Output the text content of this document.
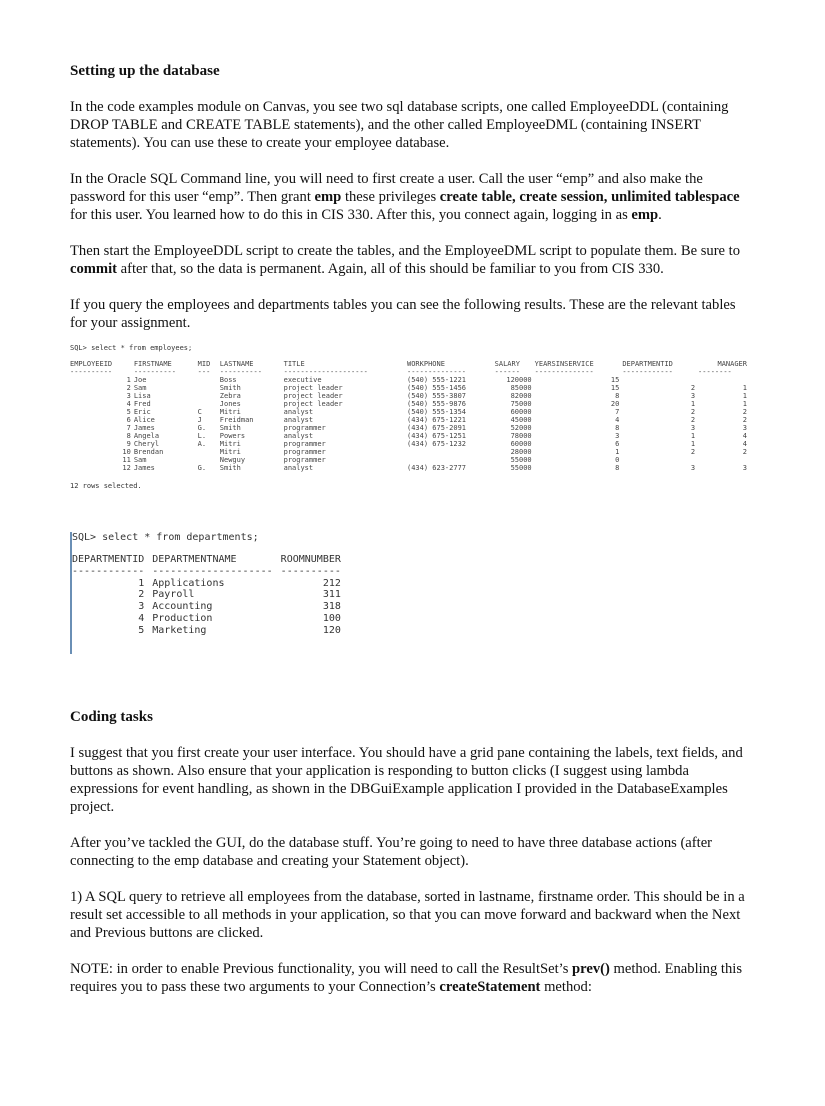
Setting up the database

In the code examples module on Canvas, you see two sql database scripts, one called EmployeeDDL (containing DROP TABLE and CREATE TABLE statements), and the other called EmployeeDML (containing INSERT statements). You can use these to create your employee database.

In the Oracle SQL Command line, you will need to first create a user. Call the user “emp” and also make the password for this user “emp”. Then grant emp these privileges create table, create session, unlimited tablespace for this user. You learned how to do this in CIS 330. After this, you connect again, logging in as emp.

Then start the EmployeeDDL script to create the tables, and the EmployeeDML script to populate them. Be sure to commit after that, so the data is permanent. Again, all of this should be familiar to you from CIS 330.

If you query the employees and departments tables you can see the following results. These are the relevant tables for your assignment.

SQL> select * from employees;
EMPLOYEEID	FIRSTNAME	MID	LASTNAME	TITLE	WORKPHONE	SALARY	YEARSINSERVICE	DEPARTMENTID	MANAGER
----------	----------	---	----------	--------------------	--------------	------	--------------	------------	--------
1	Joe		Boss	executive	(540) 555-1221	120000	15		
2	Sam		Smith	project leader	(540) 555-1456	85000	15	2	1
3	Lisa		Zebra	project leader	(540) 555-3807	82000	8	3	1
4	Fred		Jones	project leader	(540) 555-9876	75000	20	1	1
5	Eric	C	Mitri	analyst	(540) 555-1354	60000	7	2	2
6	Alice	J	Freidman	analyst	(434) 675-1221	45000	4	2	2
7	James	G.	Smith	programmer	(434) 675-2091	52000	8	3	3
8	Angela	L.	Powers	analyst	(434) 675-1251	78000	3	1	4
9	Cheryl	A.	Mitri	programmer	(434) 675-1232	60000	6	1	4
10	Brendan		Mitri	programmer		28000	1	2	2
11	Sam		Newguy	programmer		55000	0		
12	James	G.	Smith	analyst	(434) 623-2777	55000	8	3	3
12 rows selected.
SQL> select * from departments;
DEPARTMENTID	DEPARTMENTNAME	ROOMNUMBER
------------	--------------------	----------
1	Applications	212
2	Payroll	311
3	Accounting	318
4	Production	100
5	Marketing	120
Coding tasks

I suggest that you first create your user interface. You should have a grid pane containing the labels, text fields, and buttons as shown. Also ensure that your application is responding to button clicks (I suggest using lambda expressions for event handling, as shown in the DBGuiExample application I provided in the DatabaseExamples project.

After you’ve tackled the GUI, do the database stuff. You’re going to need to have three database actions (after connecting to the emp database and creating your Statement object).

1) A SQL query to retrieve all employees from the database, sorted in lastname, firstname order. This should be in a result set accessible to all methods in your application, so that you can move forward and backward when the Next and Previous buttons are clicked.

NOTE: in order to enable Previous functionality, you will need to call the ResultSet’s prev() method. Enabling this requires you to pass these two arguments to your Connection’s createStatement method:
